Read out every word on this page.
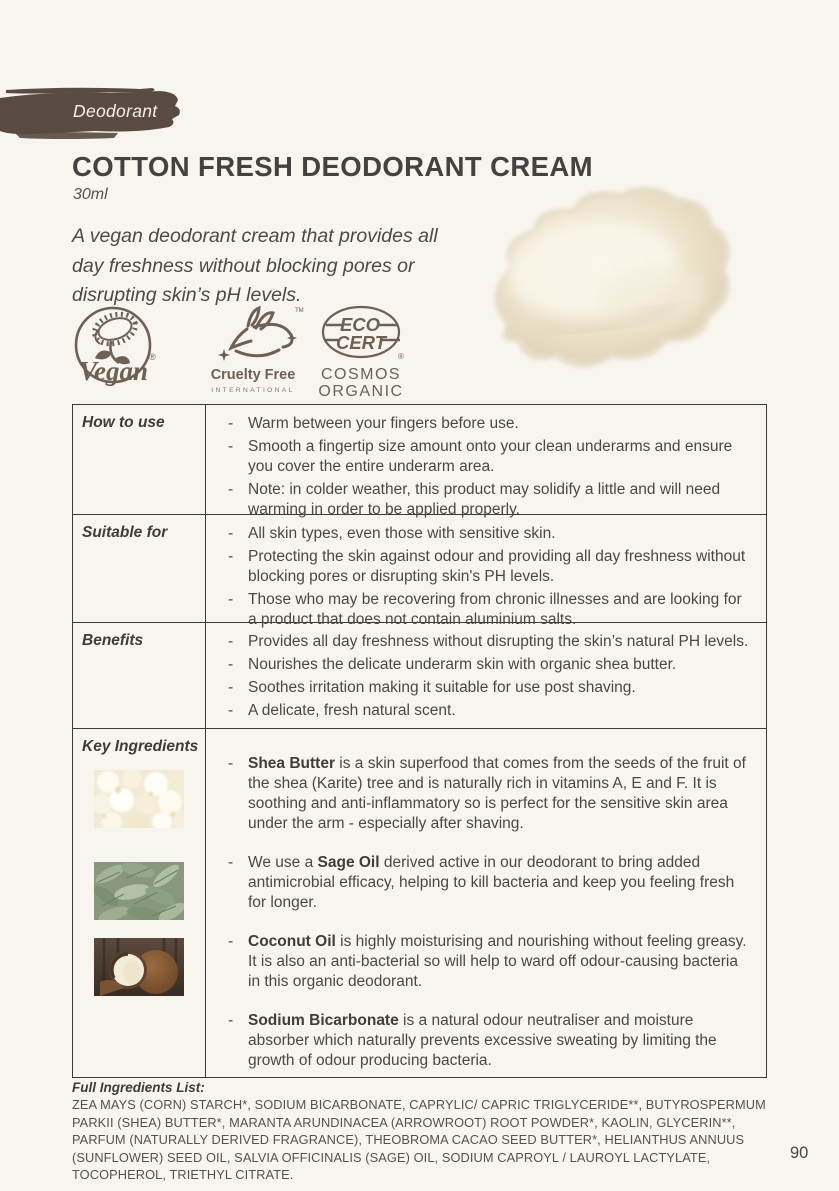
Deodorant
COTTON FRESH DEODORANT CREAM
30ml

A vegan deodorant cream that provides all day freshness without blocking pores or disrupting skin’s pH levels.

Vegan ®
TM
Cruelty Free
INTERNATIONAL
ECO
CERT
®
COSMOS
ORGANIC
How to use	- Warm between your fingers before use.
- Smooth a fingertip size amount onto your clean underarms and ensure you cover the entire underarm area.
- Note: in colder weather, this product may solidify a little and will need warming in order to be applied properly.
Suitable for	- All skin types, even those with sensitive skin.
- Protecting the skin against odour and providing all day freshness without blocking pores or disrupting skin's PH levels.
- Those who may be recovering from chronic illnesses and are looking for a product that does not contain aluminium salts.
Benefits	- Provides all day freshness without disrupting the skin’s natural PH levels.
- Nourishes the delicate underarm skin with organic shea butter.
- Soothes irritation making it suitable for use post shaving.
- A delicate, fresh natural scent.
Key Ingredients
- Shea Butter is a skin superfood that comes from the seeds of the fruit of the shea (Karite) tree and is naturally rich in vitamins A, E and F. It is soothing and anti-inflammatory so is perfect for the sensitive skin area under the arm - especially after shaving.
- We use a Sage Oil derived active in our deodorant to bring added antimicrobial efficacy, helping to kill bacteria and keep you feeling fresh for longer.
- Coconut Oil is highly moisturising and nourishing without feeling greasy. It is also an anti-bacterial so will help to ward off odour-causing bacteria in this organic deodorant.
- Sodium Bicarbonate is a natural odour neutraliser and moisture absorber which naturally prevents excessive sweating by limiting the growth of odour producing bacteria.
Full Ingredients List:
ZEA MAYS (CORN) STARCH*, SODIUM BICARBONATE, CAPRYLIC/ CAPRIC TRIGLYCERIDE**, BUTYROSPERMUM PARKII (SHEA) BUTTER*, MARANTA ARUNDINACEA (ARROWROOT) ROOT POWDER*, KAOLIN, GLYCERIN**, PARFUM (NATURALLY DERIVED FRAGRANCE), THEOBROMA CACAO SEED BUTTER*, HELIANTHUS ANNUUS (SUNFLOWER) SEED OIL, SALVIA OFFICINALIS (SAGE) OIL, SODIUM CAPROYL / LAUROYL LACTYLATE, TOCOPHEROL, TRIETHYL CITRATE.
90
